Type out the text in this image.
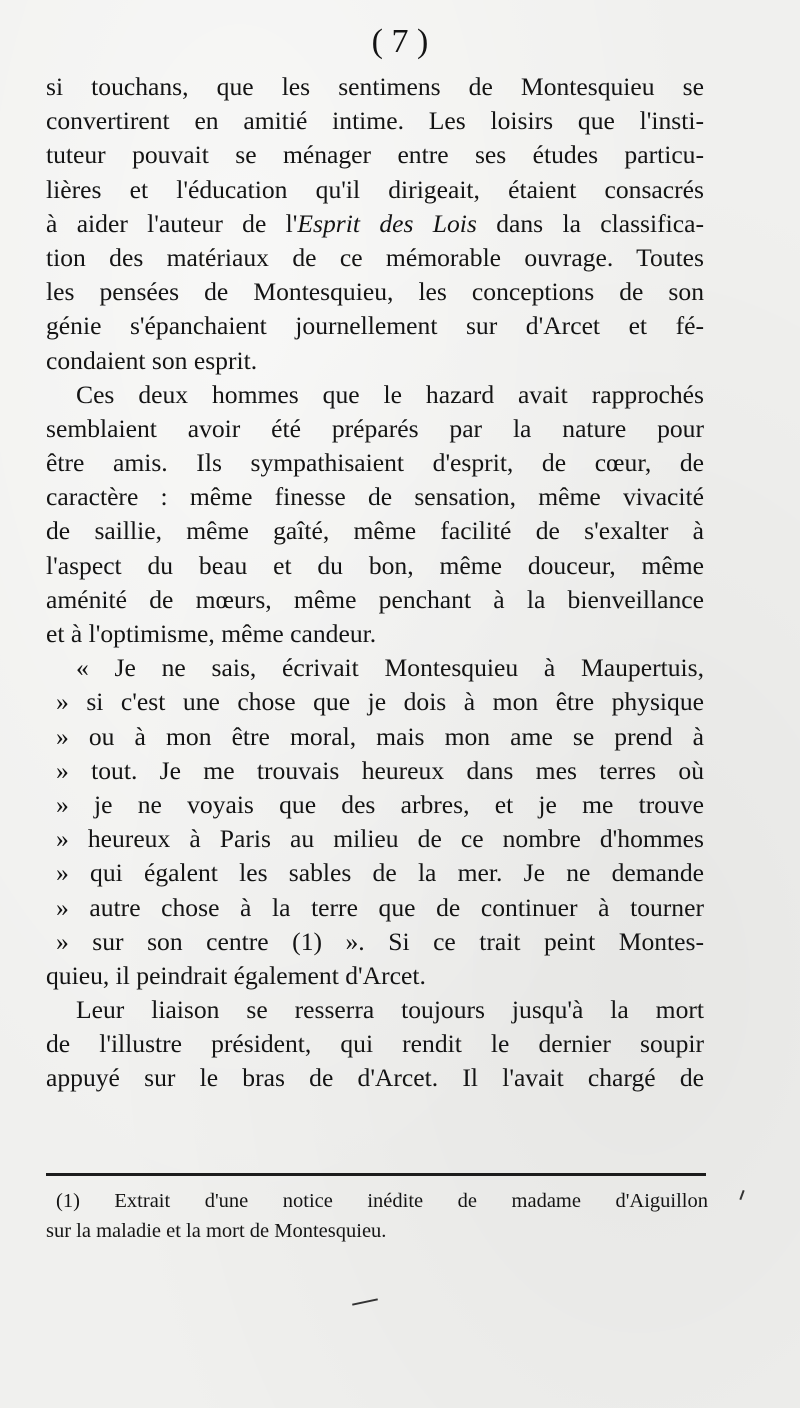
( 7 )
si touchans, que les sentimens de Montesquieu se
convertirent en amitié intime. Les loisirs que l'insti-
tuteur pouvait se ménager entre ses études particu-
lières et l'éducation qu'il dirigeait, étaient consacrés
à aider l'auteur de l'Esprit des Lois dans la classifica-
tion des matériaux de ce mémorable ouvrage. Toutes
les pensées de Montesquieu, les conceptions de son
génie s'épanchaient journellement sur d'Arcet et fé-
condaient son esprit.
Ces deux hommes que le hazard avait rapprochés
semblaient avoir été préparés par la nature pour
être amis. Ils sympathisaient d'esprit, de cœur, de
caractère : même finesse de sensation, même vivacité
de saillie, même gaîté, même facilité de s'exalter à
l'aspect du beau et du bon, même douceur, même
aménité de mœurs, même penchant à la bienveillance
et à l'optimisme, même candeur.
« Je ne sais, écrivait Montesquieu à Maupertuis,
» si c'est une chose que je dois à mon être physique
» ou à mon être moral, mais mon ame se prend à
» tout. Je me trouvais heureux dans mes terres où
» je ne voyais que des arbres, et je me trouve
» heureux à Paris au milieu de ce nombre d'hommes
» qui égalent les sables de la mer. Je ne demande
» autre chose à la terre que de continuer à tourner
» sur son centre (1) ». Si ce trait peint Montes-
quieu, il peindrait également d'Arcet.
Leur liaison se resserra toujours jusqu'à la mort
de l'illustre président, qui rendit le dernier soupir
appuyé sur le bras de d'Arcet. Il l'avait chargé de
(1) Extrait d'une notice inédite de madame d'Aiguillon
sur la maladie et la mort de Montesquieu.
